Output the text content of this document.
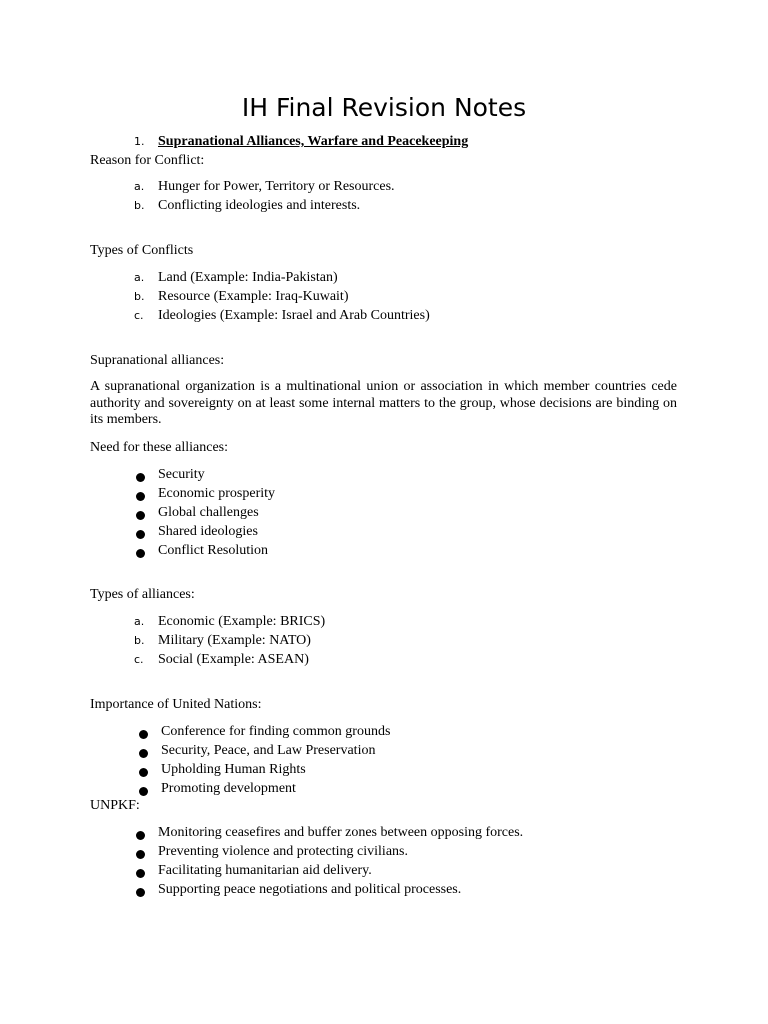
IH Final Revision Notes
1. Supranational Alliances, Warfare and Peacekeeping
Reason for Conflict:
a. Hunger for Power, Territory or Resources.
b. Conflicting ideologies and interests.
Types of Conflicts
a. Land (Example: India-Pakistan)
b. Resource (Example: Iraq-Kuwait)
c. Ideologies (Example: Israel and Arab Countries)
Supranational alliances:
A supranational organization is a multinational union or association in which member countries cede authority and sovereignty on at least some internal matters to the group, whose decisions are binding on its members.
Need for these alliances:
Security
Economic prosperity
Global challenges
Shared ideologies
Conflict Resolution
Types of alliances:
a. Economic (Example: BRICS)
b. Military (Example: NATO)
c. Social (Example: ASEAN)
Importance of United Nations:
Conference for finding common grounds
Security, Peace, and Law Preservation
Upholding Human Rights
Promoting development
UNPKF:
Monitoring ceasefires and buffer zones between opposing forces.
Preventing violence and protecting civilians.
Facilitating humanitarian aid delivery.
Supporting peace negotiations and political processes.
